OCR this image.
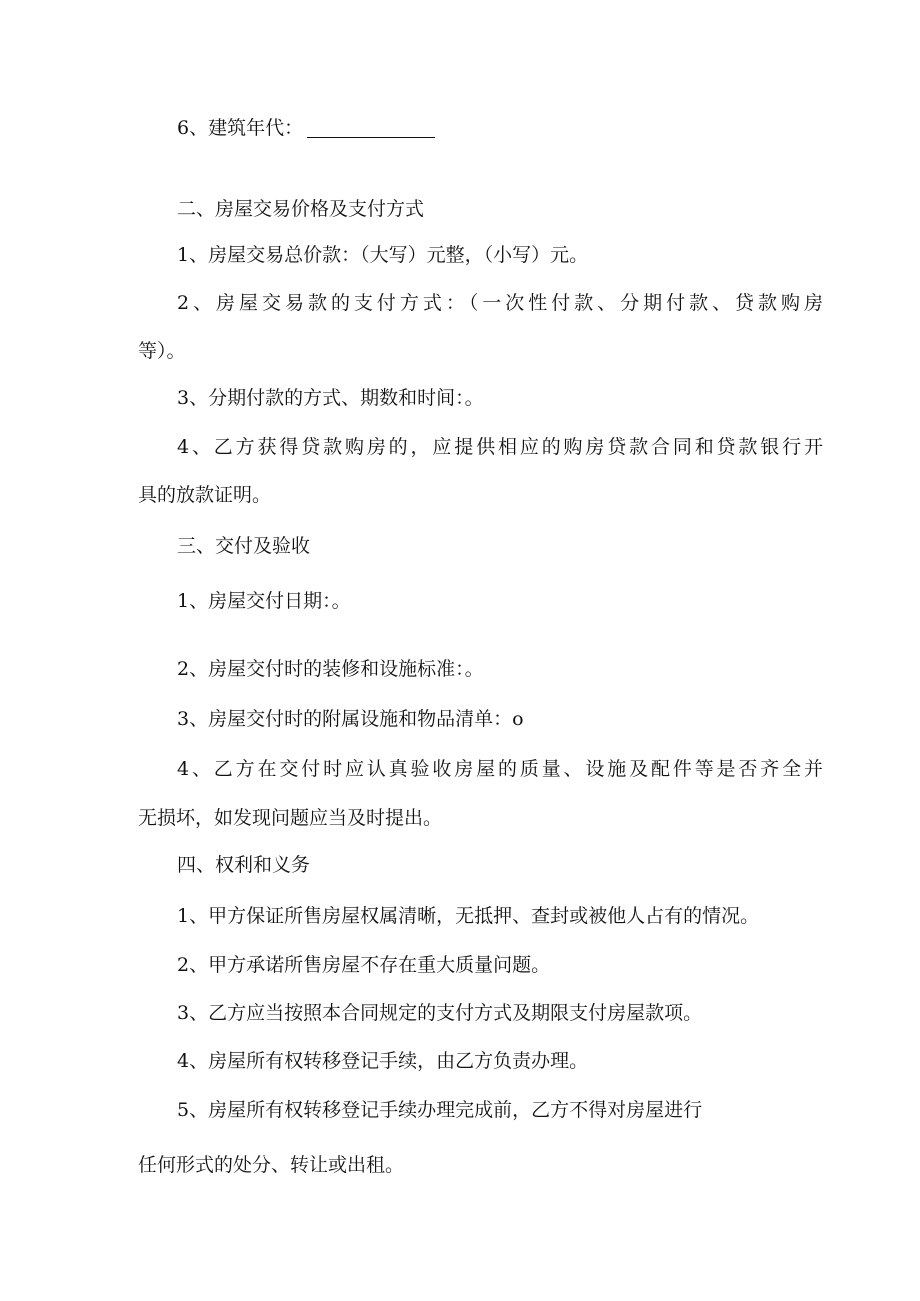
6、建筑年代：
二、房屋交易价格及支付方式
1、房屋交易总价款：（大写）元整，（小写）元。
2、房屋交易款的支付方式：（一次性付款、分期付款、贷款购房
等）。
3、分期付款的方式、期数和时间：。
4、乙方获得贷款购房的，应提供相应的购房贷款合同和贷款银行开
具的放款证明。
三、交付及验收
1、房屋交付日期：。
2、房屋交付时的装修和设施标准：。
3、房屋交付时的附属设施和物品清单：o
4、乙方在交付时应认真验收房屋的质量、设施及配件等是否齐全并
无损坏，如发现问题应当及时提出。
四、权利和义务
1、甲方保证所售房屋权属清晰，无抵押、查封或被他人占有的情况。
2、甲方承诺所售房屋不存在重大质量问题。
3、乙方应当按照本合同规定的支付方式及期限支付房屋款项。
4、房屋所有权转移登记手续，由乙方负责办理。
5、房屋所有权转移登记手续办理完成前，乙方不得对房屋进行
任何形式的处分、转让或出租。
